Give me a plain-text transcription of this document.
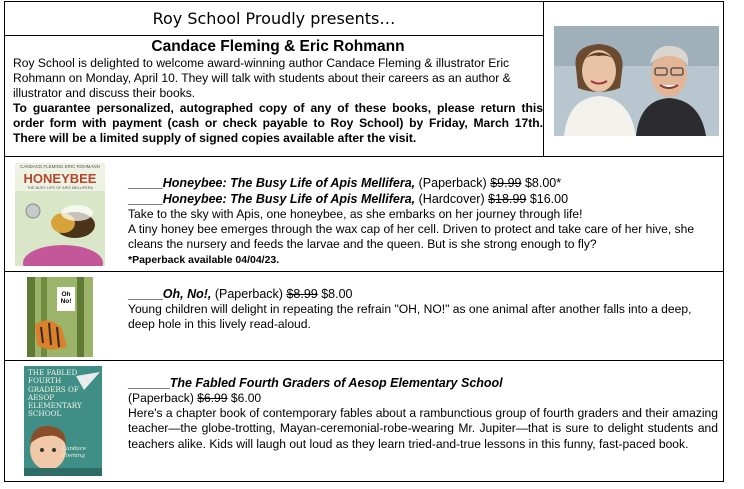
Roy School Proudly presents…
Candace Fleming & Eric Rohmann

Roy School is delighted to welcome award-winning author Candace Fleming & illustrator Eric Rohmann on Monday, April 10. They will talk with students about their careers as an author & illustrator and discuss their books.

To guarantee personalized, autographed copy of any of these books, please return this order form with payment (cash or check payable to Roy School) by Friday, March 17th. There will be a limited supply of signed copies available after the visit.

CANDACE FLEMING ERIC ROHMANN
HONEYBEE
THE BUSY LIFE OF APIS MELLIFERA	_____Honeybee: The Busy Life of Apis Mellifera, (Paperback) $9.99 $8.00*
_____Honeybee: The Busy Life of Apis Mellifera, (Hardcover) $18.99 $16.00
Take to the sky with Apis, one honeybee, as she embarks on her journey through life!
A tiny honey bee emerges through the wax cap of her cell. Driven to protect and take care of her hive, she cleans the nursery and feeds the larvae and the queen. But is she strong enough to fly?
*Paperback available 04/04/23.
Oh No!
_____Oh, No!, (Paperback) $8.99 $8.00
Young children will delight in repeating the refrain "OH, NO!" as one animal after another falls into a deep, deep hole in this lively read-aloud.
THE FABLED FOURTH GRADERS OF AESOP ELEMENTARY SCHOOL
Candace Fleming
______The Fabled Fourth Graders of Aesop Elementary School
(Paperback) $6.99 $6.00
Here's a chapter book of contemporary fables about a rambunctious group of fourth graders and their amazing teacher—the globe-trotting, Mayan-ceremonial-robe-wearing Mr. Jupiter—that is sure to delight students and teachers alike. Kids will laugh out loud as they learn tried-and-true lessons in this funny, fast-paced book.
